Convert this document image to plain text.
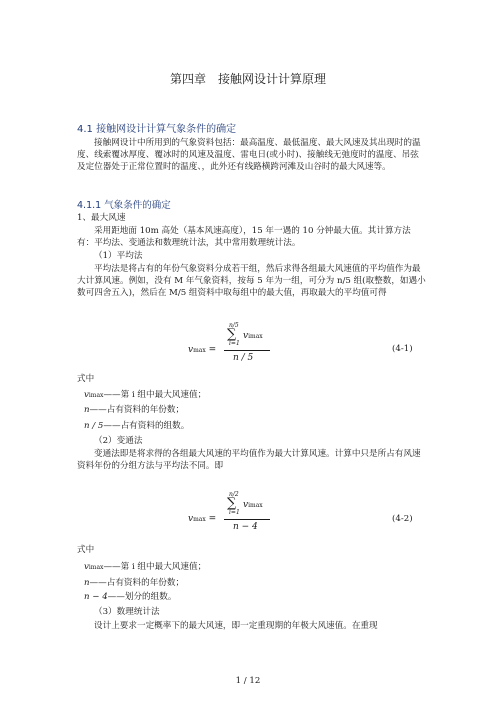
第四章　接触网设计计算原理
4.1 接触网设计计算气象条件的确定
接触网设计中所用到的气象资料包括：最高温度、最低温度、最大风速及其出现时的温度、线索覆冰厚度、覆冰时的风速及温度、雷电日(或小时)、接触线无弛度时的温度、吊弦及定位器处于正常位置时的温度、，此外还有线路横跨河滩及山谷时的最大风速等。
4.1.1 气象条件的确定
1、最大风速
采用距地面 10m 高处（基本风速高度），15 年一遇的 10 分钟最大值。其计算方法有：平均法、变通法和数理统计法，其中常用数理统计法。
（1）平均法
平均法是将占有的年份气象资料分成若干组，然后求得各组最大风速值的平均值作为最大计算风速。例如，没有 M 年气象资料，按每 5 年为一组，可分为 n/5 组(取整数，如遇小数可四舍五入)，然后在 M/5 组资料中取每组中的最大值，再取最大的平均值可得
vmax =
n/5
∑
i=1
vimax
n / 5
(4-1)
式中
vimax——第 i 组中最大风速值；
n——占有资料的年份数；
n / 5——占有资料的组数。
（2）变通法
变通法即是将求得的各组最大风速的平均值作为最大计算风速。计算中只是所占有风速资料年份的分组方法与平均法不同。即
vmax =
n/2
∑
i=1
vimax
n − 4
(4-2)
式中
vimax——第 i 组中最大风速值；
n——占有资料的年份数；
n − 4——划分的组数。
（3）数理统计法
设计上要求一定概率下的最大风速，即一定重现期的年极大风速值。在重现
1 / 12
